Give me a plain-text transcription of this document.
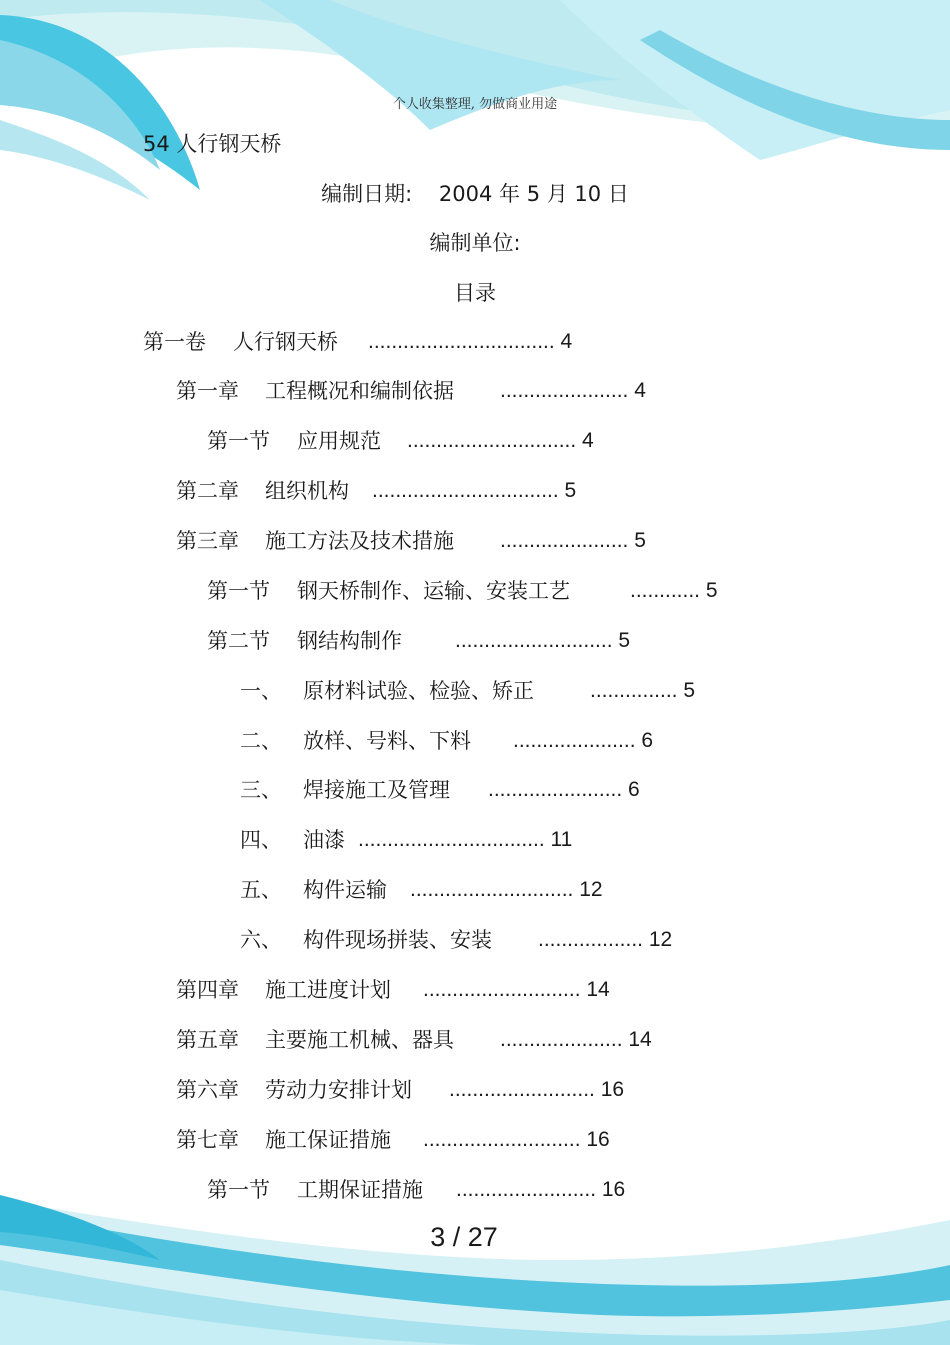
个人收集整理, 勿做商业用途
54 人行钢天桥
编制日期:    2004 年 5 月 10 日
编制单位:
目录
第一卷 人行钢天桥 ................................ 4
第一章 工程概况和编制依据 ...................... 4
第一节 应用规范 ............................. 4
第二章 组织机构 ................................ 5
第三章 施工方法及技术措施 ...................... 5
第一节 钢天桥制作、运输、安装工艺	............ 5
第二节 钢结构制作	........................... 5
一、 原材料试验、检验、矫正	............... 5
二、 放样、号料、下料 ..................... 6
三、 焊接施工及管理 ....................... 6
四、 油漆 ................................ 11
五、 构件运输 ............................ 12
六、 构件现场拼装、安装 .................. 12
第四章 施工进度计划 ........................... 14
第五章 主要施工机械、器具 ..................... 14
第六章 劳动力安排计划 ......................... 16
第七章 施工保证措施 ........................... 16
第一节 工期保证措施 ........................ 16
3 / 27
